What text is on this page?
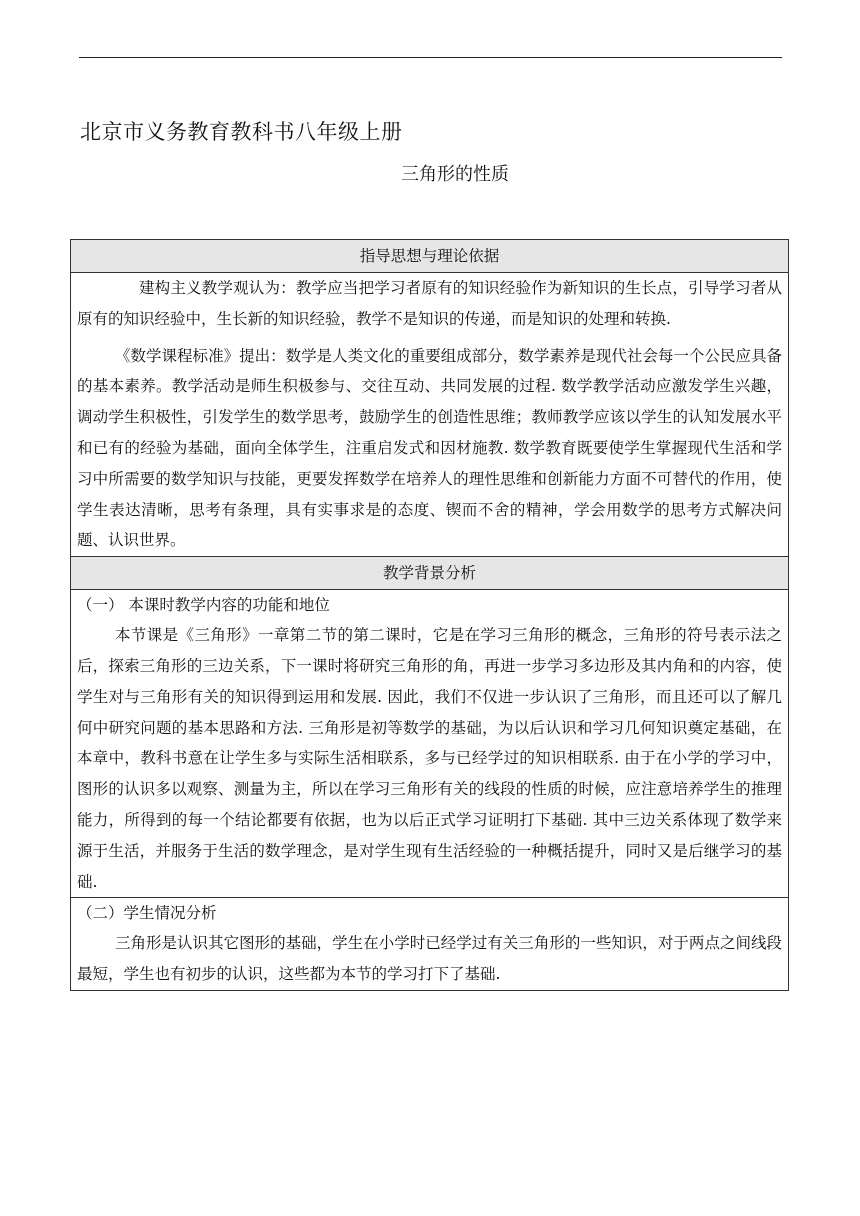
北京市义务教育教科书八年级上册
三角形的性质
指导思想与理论依据

建构主义教学观认为：教学应当把学习者原有的知识经验作为新知识的生长点，引导学习者从原有的知识经验中，生长新的知识经验，教学不是知识的传递，而是知识的处理和转换.

《数学课程标准》提出：数学是人类文化的重要组成部分，数学素养是现代社会每一个公民应具备的基本素养。教学活动是师生积极参与、交往互动、共同发展的过程. 数学教学活动应激发学生兴趣，调动学生积极性，引发学生的数学思考，鼓励学生的创造性思维；教师教学应该以学生的认知发展水平和已有的经验为基础，面向全体学生，注重启发式和因材施教. 数学教育既要使学生掌握现代生活和学习中所需要的数学知识与技能，更要发挥数学在培养人的理性思维和创新能力方面不可替代的作用，使学生表达清晰，思考有条理，具有实事求是的态度、锲而不舍的精神，学会用数学的思考方式解决问题、认识世界。

教学背景分析

（一） 本课时教学内容的功能和地位

本节课是《三角形》一章第二节的第二课时，它是在学习三角形的概念，三角形的符号表示法之后，探索三角形的三边关系，下一课时将研究三角形的角，再进一步学习多边形及其内角和的内容，使学生对与三角形有关的知识得到运用和发展. 因此，我们不仅进一步认识了三角形，而且还可以了解几何中研究问题的基本思路和方法. 三角形是初等数学的基础，为以后认识和学习几何知识奠定基础，在本章中，教科书意在让学生多与实际生活相联系，多与已经学过的知识相联系. 由于在小学的学习中，图形的认识多以观察、测量为主，所以在学习三角形有关的线段的性质的时候，应注意培养学生的推理能力，所得到的每一个结论都要有依据，也为以后正式学习证明打下基础. 其中三边关系体现了数学来源于生活，并服务于生活的数学理念，是对学生现有生活经验的一种概括提升，同时又是后继学习的基础.

（二）学生情况分析

三角形是认识其它图形的基础，学生在小学时已经学过有关三角形的一些知识，对于两点之间线段最短，学生也有初步的认识，这些都为本节的学习打下了基础.
